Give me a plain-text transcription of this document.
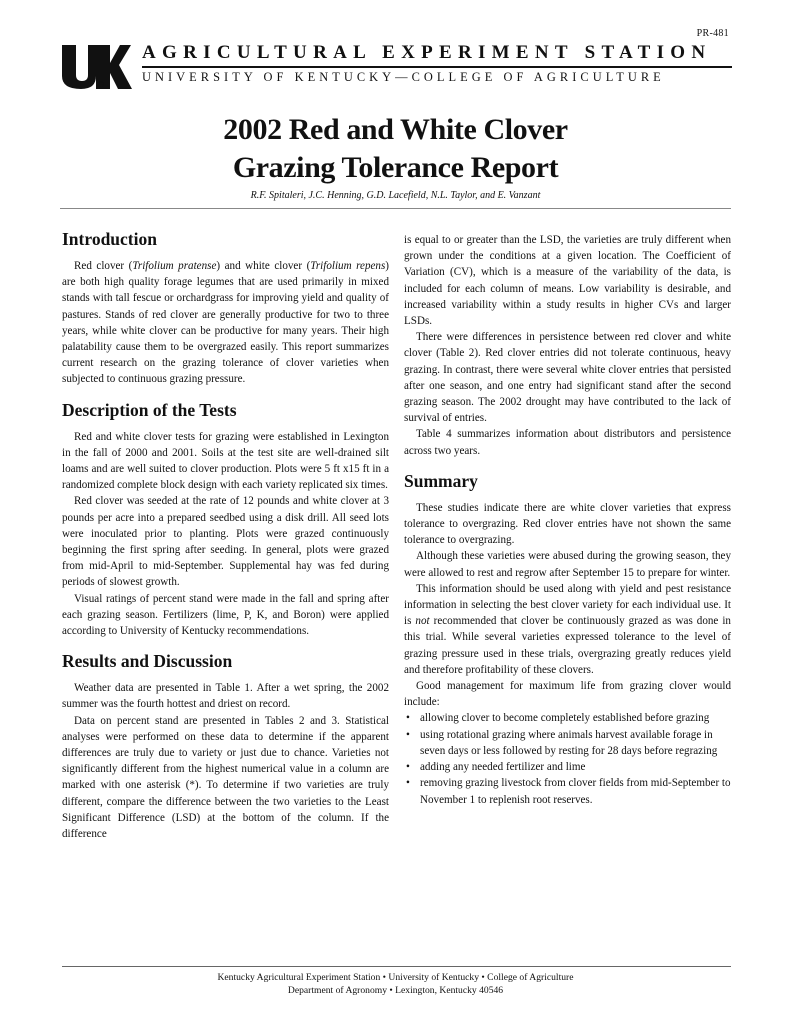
PR-481
AGRICULTURAL EXPERIMENT STATION
UNIVERSITY OF KENTUCKY—COLLEGE OF AGRICULTURE
2002 Red and White Clover
Grazing Tolerance Report
R.F. Spitaleri, J.C. Henning, G.D. Lacefield, N.L. Taylor, and E. Vanzant
Introduction

Red clover (Trifolium pratense) and white clover (Trifolium repens) are both high quality forage legumes that are used primarily in mixed stands with tall fescue or orchardgrass for improving yield and quality of pastures. Stands of red clover are generally productive for two to three years, while white clover can be productive for many years. Their high palatability cause them to be overgrazed easily. This report summarizes current research on the grazing tolerance of clover varieties when subjected to continuous grazing pressure.

Description of the Tests

Red and white clover tests for grazing were established in Lexington in the fall of 2000 and 2001. Soils at the test site are well-drained silt loams and are well suited to clover production. Plots were 5 ft x15 ft in a randomized complete block design with each variety replicated six times.

Red clover was seeded at the rate of 12 pounds and white clover at 3 pounds per acre into a prepared seedbed using a disk drill. All seed lots were inoculated prior to planting. Plots were grazed continuously beginning the first spring after seeding. In general, plots were grazed from mid-April to mid-September. Supplemental hay was fed during periods of slowest growth.

Visual ratings of percent stand were made in the fall and spring after each grazing season. Fertilizers (lime, P, K, and Boron) were applied according to University of Kentucky recommendations.

Results and Discussion

Weather data are presented in Table 1. After a wet spring, the 2002 summer was the fourth hottest and driest on record.

Data on percent stand are presented in Tables 2 and 3. Statistical analyses were performed on these data to determine if the apparent differences are truly due to variety or just due to chance. Varieties not significantly different from the highest numerical value in a column are marked with one asterisk (*). To determine if two varieties are truly different, compare the difference between the two varieties to the Least Significant Difference (LSD) at the bottom of the column. If the difference

is equal to or greater than the LSD, the varieties are truly different when grown under the conditions at a given location. The Coefficient of Variation (CV), which is a measure of the variability of the data, is included for each column of means. Low variability is desirable, and increased variability within a study results in higher CVs and larger LSDs.

There were differences in persistence between red clover and white clover (Table 2). Red clover entries did not tolerate continuous, heavy grazing. In contrast, there were several white clover entries that persisted after one season, and one entry had significant stand after the second grazing season. The 2002 drought may have contributed to the lack of survival of entries.

Table 4 summarizes information about distributors and persistence across two years.

Summary

These studies indicate there are white clover varieties that express tolerance to overgrazing. Red clover entries have not shown the same tolerance to overgrazing.

Although these varieties were abused during the growing season, they were allowed to rest and regrow after September 15 to prepare for winter.

This information should be used along with yield and pest resistance information in selecting the best clover variety for each individual use. It is not recommended that clover be continuously grazed as was done in this trial. While several varieties expressed tolerance to the level of grazing pressure used in these trials, overgrazing greatly reduces yield and therefore profitability of these clovers.

Good management for maximum life from grazing clover would include:

• allowing clover to become completely established before grazing
• using rotational grazing where animals harvest available forage in seven days or less followed by resting for 28 days before regrazing
• adding any needed fertilizer and lime
• removing grazing livestock from clover fields from mid-September to November 1 to replenish root reserves.
Kentucky Agricultural Experiment Station • University of Kentucky • College of Agriculture
Department of Agronomy • Lexington, Kentucky 40546
